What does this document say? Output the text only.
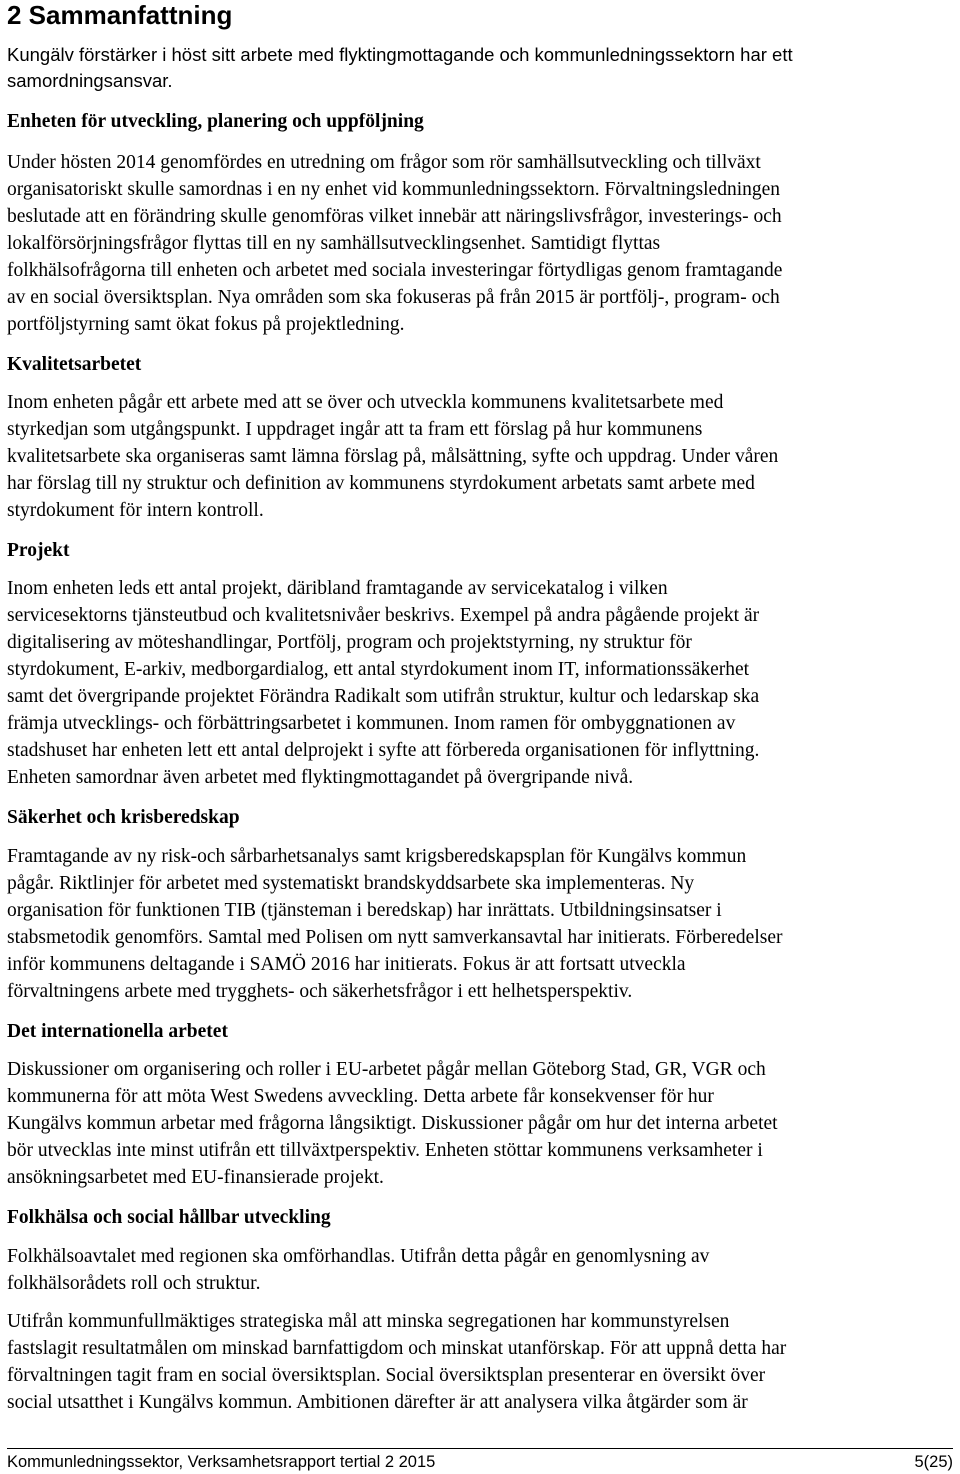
2 Sammanfattning
Kungälv förstärker i höst sitt arbete med flyktingmottagande och kommunledningssektorn har ett
samordningsansvar.
Enheten för utveckling, planering och uppföljning
Under hösten 2014 genomfördes en utredning om frågor som rör samhällsutveckling och tillväxt
organisatoriskt skulle samordnas i en ny enhet vid kommunledningssektorn. Förvaltningsledningen
beslutade att en förändring skulle genomföras vilket innebär att näringslivsfrågor, investerings- och
lokalförsörjningsfrågor flyttas till en ny samhällsutvecklingsenhet. Samtidigt flyttas
folkhälsofrågorna till enheten och arbetet med sociala investeringar förtydligas genom framtagande
av en social översiktsplan. Nya områden som ska fokuseras på från 2015 är portfölj-, program- och
portföljstyrning samt ökat fokus på projektledning.
Kvalitetsarbetet
Inom enheten pågår ett arbete med att se över och utveckla kommunens kvalitetsarbete med
styrkedjan som utgångspunkt. I uppdraget ingår att ta fram ett förslag på hur kommunens
kvalitetsarbete ska organiseras samt lämna förslag på, målsättning, syfte och uppdrag. Under våren
har förslag till ny struktur och definition av kommunens styrdokument arbetats samt arbete med
styrdokument för intern kontroll.
Projekt
Inom enheten leds ett antal projekt, däribland framtagande av servicekatalog i vilken
servicesektorns tjänsteutbud och kvalitetsnivåer beskrivs. Exempel på andra pågående projekt är
digitalisering av möteshandlingar, Portfölj, program och projektstyrning, ny struktur för
styrdokument, E-arkiv, medborgardialog, ett antal styrdokument inom IT, informationssäkerhet
samt det övergripande projektet Förändra Radikalt som utifrån struktur, kultur och ledarskap ska
främja utvecklings- och förbättringsarbetet i kommunen. Inom ramen för ombyggnationen av
stadshuset har enheten lett ett antal delprojekt i syfte att förbereda organisationen för inflyttning.
Enheten samordnar även arbetet med flyktingmottagandet på övergripande nivå.
Säkerhet och krisberedskap
Framtagande av ny risk-och sårbarhetsanalys samt krigsberedskapsplan för Kungälvs kommun
pågår. Riktlinjer för arbetet med systematiskt brandskyddsarbete ska implementeras. Ny
organisation för funktionen TIB (tjänsteman i beredskap) har inrättats. Utbildningsinsatser i
stabsmetodik genomförs. Samtal med Polisen om nytt samverkansavtal har initierats. Förberedelser
inför kommunens deltagande i SAMÖ 2016 har initierats. Fokus är att fortsatt utveckla
förvaltningens arbete med trygghets- och säkerhetsfrågor i ett helhetsperspektiv.
Det internationella arbetet
Diskussioner om organisering och roller i EU-arbetet pågår mellan Göteborg Stad, GR, VGR och
kommunerna för att möta West Swedens avveckling. Detta arbete får konsekvenser för hur
Kungälvs kommun arbetar med frågorna långsiktigt. Diskussioner pågår om hur det interna arbetet
bör utvecklas inte minst utifrån ett tillväxtperspektiv. Enheten stöttar kommunens verksamheter i
ansökningsarbetet med EU-finansierade projekt.
Folkhälsa och social hållbar utveckling
Folkhälsoavtalet med regionen ska omförhandlas. Utifrån detta pågår en genomlysning av
folkhälsorådets roll och struktur.
Utifrån kommunfullmäktiges strategiska mål att minska segregationen har kommunstyrelsen
fastslagit resultatmålen om minskad barnfattigdom och minskat utanförskap. För att uppnå detta har
förvaltningen tagit fram en social översiktsplan. Social översiktsplan presenterar en översikt över
social utsatthet i Kungälvs kommun. Ambitionen därefter är att analysera vilka åtgärder som är
Kommunledningssektor, Verksamhetsrapport tertial 2 2015	5(25)
